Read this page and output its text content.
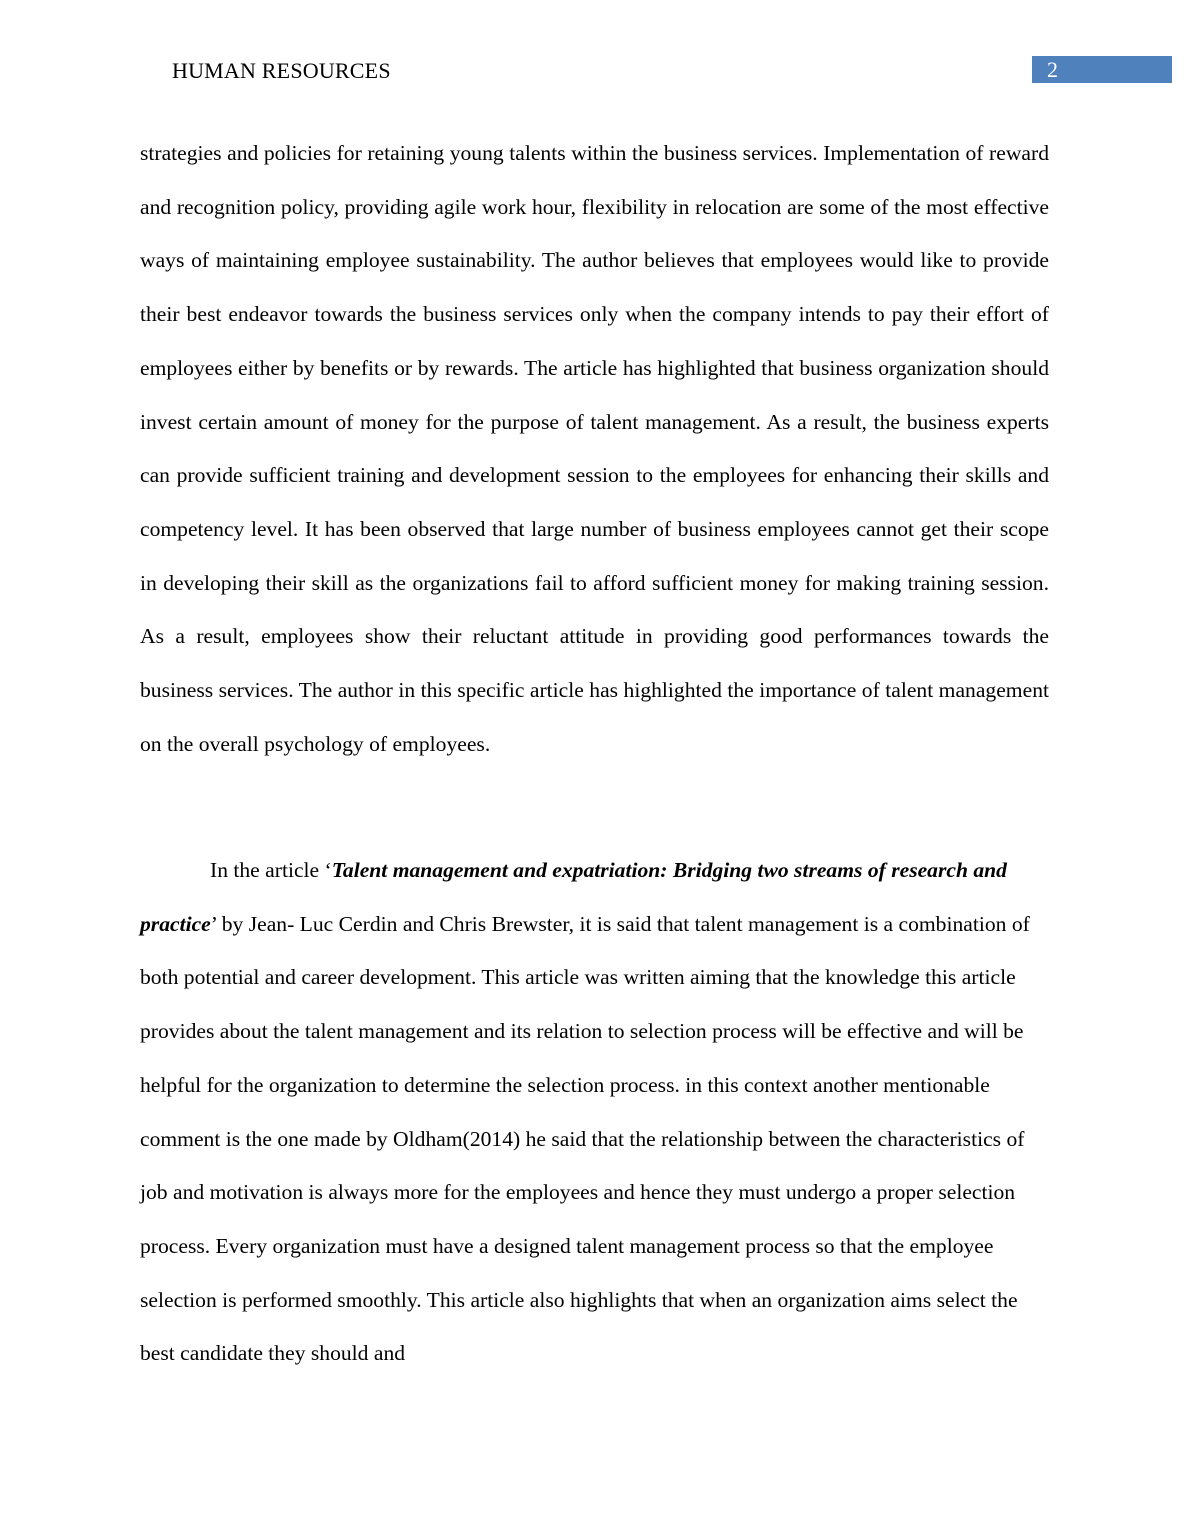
HUMAN RESOURCES	2

strategies and policies for retaining young talents within the business services. Implementation of reward and recognition policy, providing agile work hour, flexibility in relocation are some of the most effective ways of maintaining employee sustainability. The author believes that employees would like to provide their best endeavor towards the business services only when the company intends to pay their effort of employees either by benefits or by rewards. The article has highlighted that business organization should invest certain amount of money for the purpose of talent management. As a result, the business experts can provide sufficient training and development session to the employees for enhancing their skills and competency level. It has been observed that large number of business employees cannot get their scope in developing their skill as the organizations fail to afford sufficient money for making training session. As a result, employees show their reluctant attitude in providing good performances towards the business services. The author in this specific article has highlighted the importance of talent management on the overall psychology of employees.

In the article ‘Talent management and expatriation: Bridging two streams of research and practice’ by Jean- Luc Cerdin and Chris Brewster, it is said that talent management is a combination of both potential and career development. This article was written aiming that the knowledge this article provides about the talent management and its relation to selection process will be effective and will be helpful for the organization to determine the selection process. in this context another mentionable comment is the one made by Oldham(2014) he said that the relationship between the characteristics of job and motivation is always more for the employees and hence they must undergo a proper selection process. Every organization must have a designed talent management process so that the employee selection is performed smoothly. This article also highlights that when an organization aims select the best candidate they should and
